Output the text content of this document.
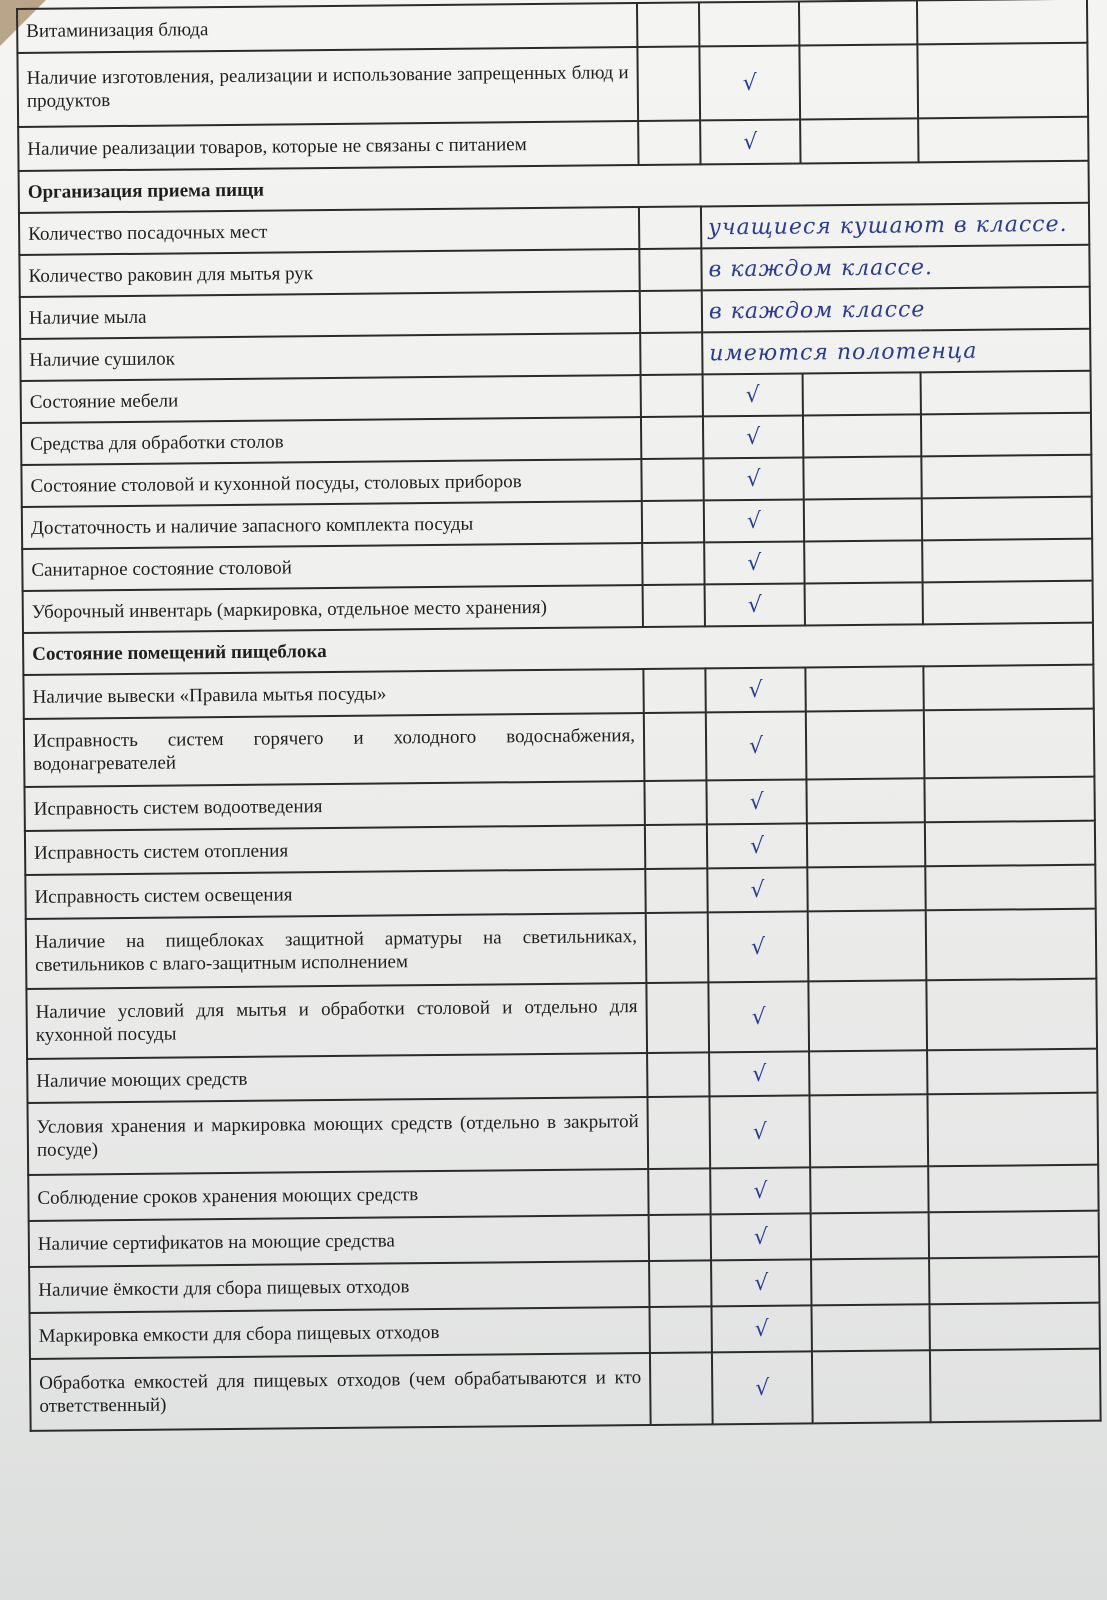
Витаминизация блюда				
Наличие изготовления, реализации и использование запрещенных блюд и продуктов		√		
Наличие реализации товаров, которые не связаны с питанием		√		
Организация приема пищи				
Количество посадочных мест		учащиеся кушают в классе.		
Количество раковин для мытья рук		в каждом классе.		
Наличие мыла		в каждом классе		
Наличие сушилок		имеются полотенца		
Состояние мебели		√		
Средства для обработки столов		√		
Состояние столовой и кухонной посуды, столовых приборов		√		
Достаточность и наличие запасного комплекта посуды		√		
Санитарное состояние столовой		√		
Уборочный инвентарь (маркировка, отдельное место хранения)		√		
Состояние помещений пищеблока				
Наличие вывески «Правила мытья посуды»		√		
Исправность систем горячего и холодного водоснабжения, водонагревателей		√		
Исправность систем водоотведения		√		
Исправность систем отопления		√		
Исправность систем освещения		√		
Наличие на пищеблоках защитной арматуры на светильниках, светильников с влаго-защитным исполнением		√		
Наличие условий для мытья и обработки столовой и отдельно для кухонной посуды		√		
Наличие моющих средств		√		
Условия хранения и маркировка моющих средств (отдельно в закрытой посуде)		√		
Соблюдение сроков хранения моющих средств		√		
Наличие сертификатов на моющие средства		√		
Наличие ёмкости для сбора пищевых отходов		√		
Маркировка емкости для сбора пищевых отходов		√		
Обработка емкостей для пищевых отходов (чем обрабатываются и кто ответственный)		√		
